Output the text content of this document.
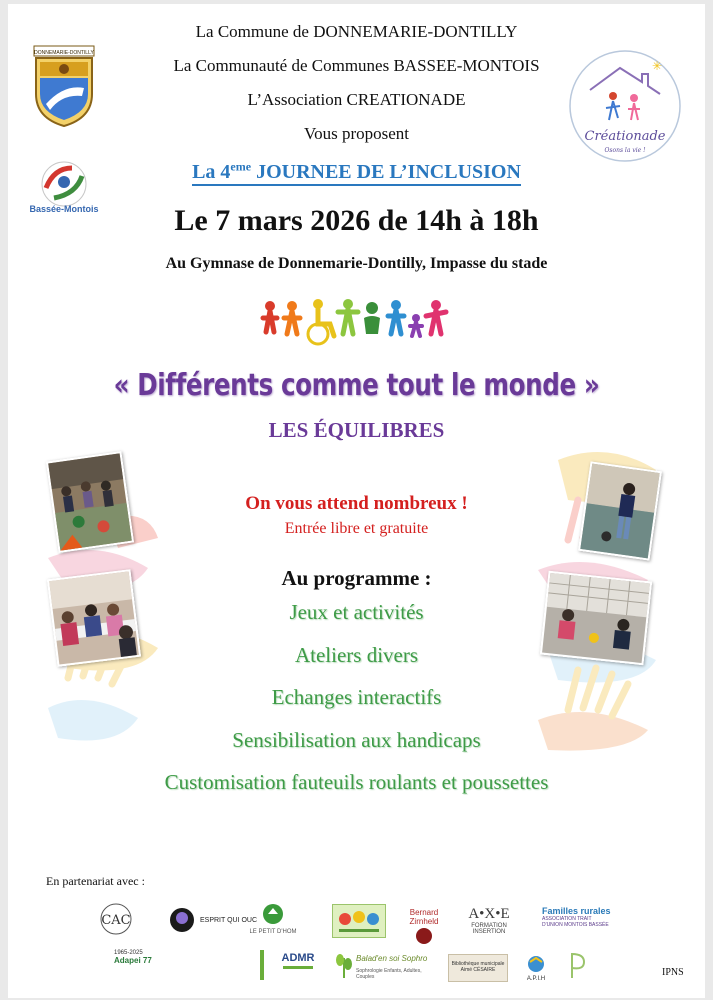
DONNEMARIE-DONTILLY
Bassée-Montois
✳
Créationade
Osons la vie !
La Commune de DONNEMARIE-DONTILLY
La Communauté de Communes BASSEE-MONTOIS
L’Association CREATIONADE
Vous proposent
La 4eme JOURNEE DE L’INCLUSION
Le 7 mars 2026 de 14h à 18h
Au Gymnase de Donnemarie-Dontilly, Impasse du stade
« Différents comme tout le monde »
LES ÉQUILIBRES
On vous attend nombreux !
Entrée libre et gratuite
Au programme :
Jeux et activités
Ateliers divers
Echanges interactifs
Sensibilisation aux handicaps
Customisation fauteuils roulants et poussettes
En partenariat avec :
CAC	ESPRIT QUI OUC
LE PETIT D'HOM
Bernard
Zirnheld A•X•E
FORMATION INSERTION
Familles rurales
ASSOCIATION TRAIT D'UNION MONTOIS BASSÉE
1965-2025
Adapei 77	ADMR	Balad'en soi Sophro
Sophrologie Enfants, Adultes, Couples
Bibliothèque municipale
Aimé CÉSAIRE
A.P.I.H
IPNS
